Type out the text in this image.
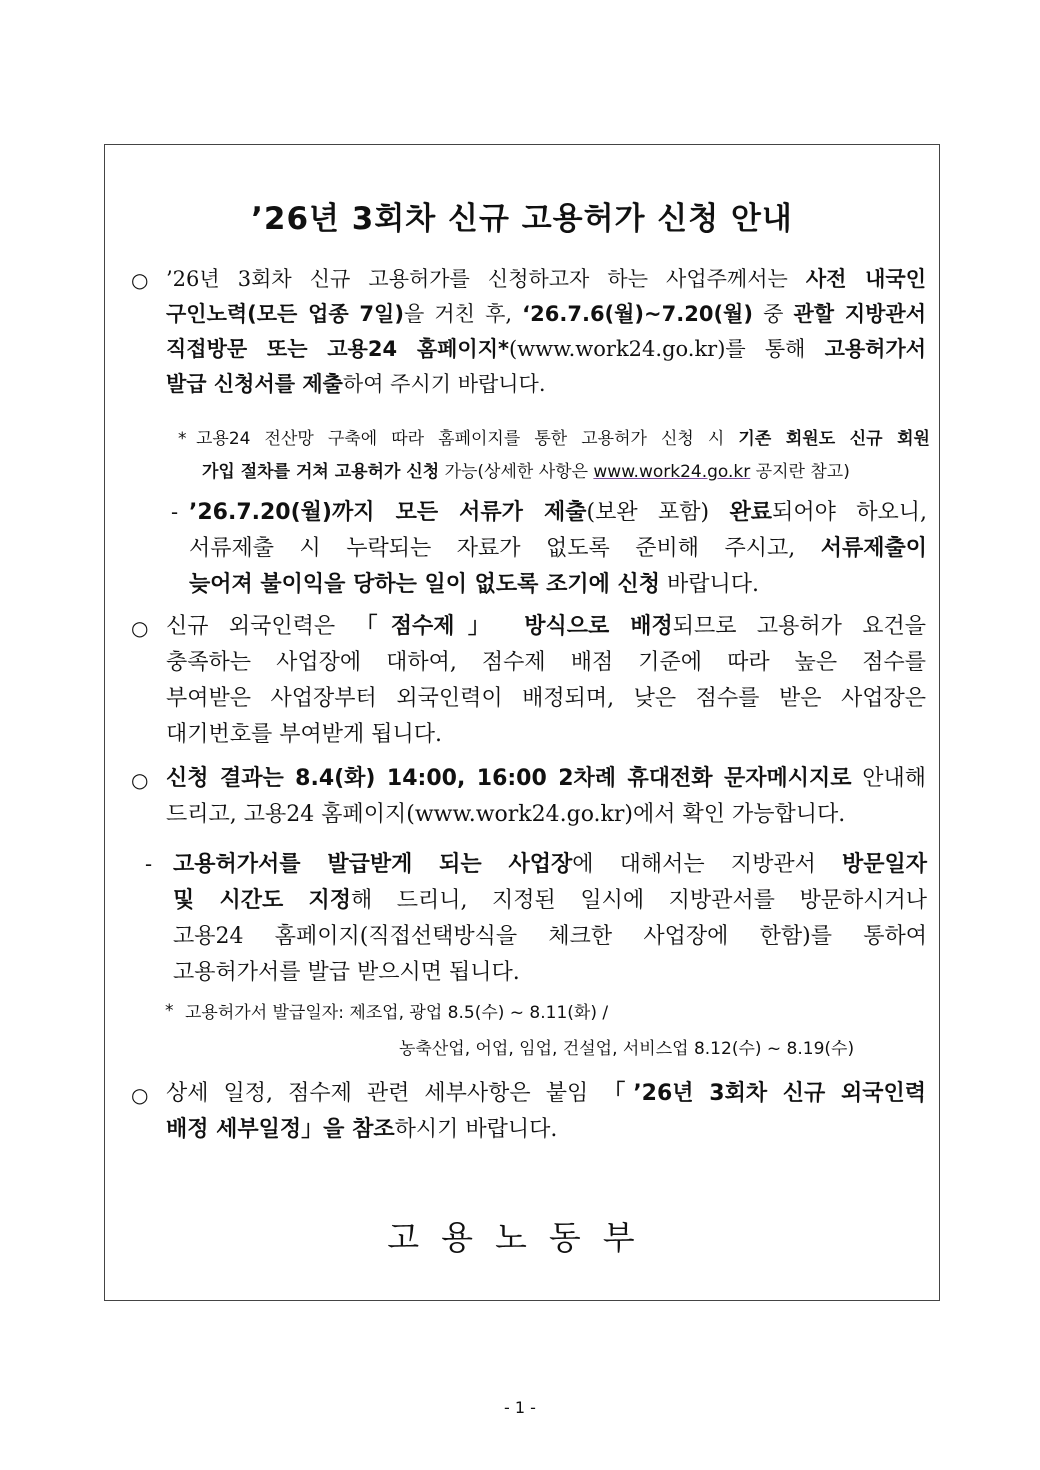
’26년 3회차 신규 고용허가 신청 안내
○ ’26년 3회차 신규 고용허가를 신청하고자 하는 사업주께서는 사전 내국인
구인노력(모든 업종 7일)을 거친 후, ‘26.7.6(월)~7.20(월) 중 관할 지방관서
직접방문 또는 고용24 홈페이지*(www.work24.go.kr)를 통해 고용허가서
발급 신청서를 제출하여 주시기 바랍니다.
* 고용24 전산망 구축에 따라 홈페이지를 통한 고용허가 신청 시 기존 회원도 신규 회원
가입 절차를 거쳐 고용허가 신청 가능(상세한 사항은 www.work24.go.kr 공지란 참고)
- ’26.7.20(월)까지 모든 서류가 제출(보완 포함) 완료되어야 하오니,
서류제출 시 누락되는 자료가 없도록 준비해 주시고, 서류제출이
늦어져 불이익을 당하는 일이 없도록 조기에 신청 바랍니다.
○ 신규 외국인력은 「점수제」 방식으로 배정되므로 고용허가 요건을
충족하는 사업장에 대하여, 점수제 배점 기준에 따라 높은 점수를
부여받은 사업장부터 외국인력이 배정되며, 낮은 점수를 받은 사업장은
대기번호를 부여받게 됩니다.
○ 신청 결과는 8.4(화) 14:00, 16:00 2차례 휴대전화 문자메시지로 안내해
드리고, 고용24 홈페이지(www.work24.go.kr)에서 확인 가능합니다.
- 고용허가서를 발급받게 되는 사업장에 대해서는 지방관서 방문일자
및 시간도 지정해 드리니, 지정된 일시에 지방관서를 방문하시거나
고용24 홈페이지(직접선택방식을 체크한 사업장에 한함)를 통하여
고용허가서를 발급 받으시면 됩니다.
* 고용허가서 발급일자: 제조업, 광업 8.5(수) ~ 8.11(화) /
농축산업, 어업, 임업, 건설업, 서비스업 8.12(수) ~ 8.19(수)
○ 상세 일정, 점수제 관련 세부사항은 붙임 「’26년 3회차 신규 외국인력
배정 세부일정」을 참조하시기 바랍니다.
고용노동부
- 1 -
